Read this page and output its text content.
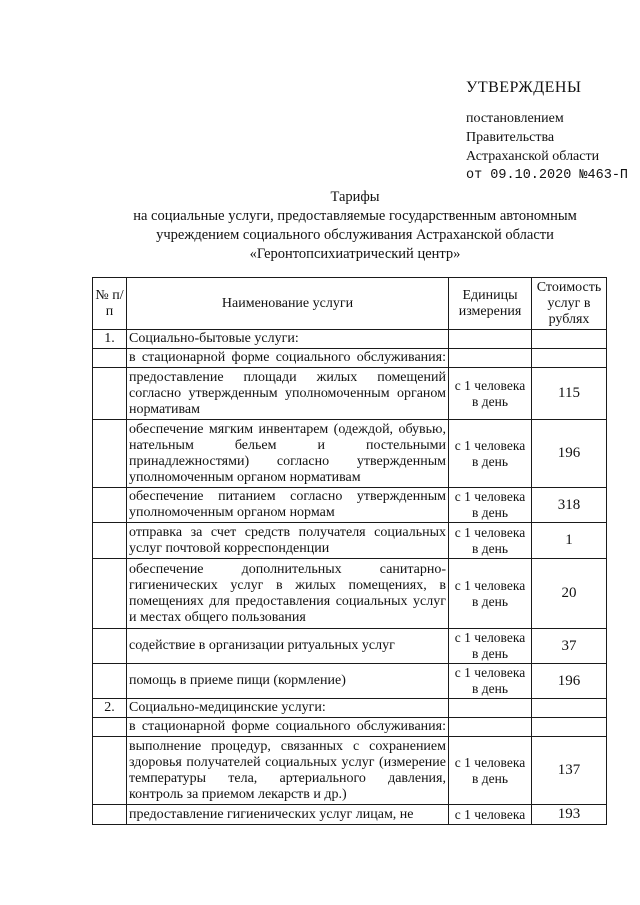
УТВЕРЖДЕНЫ
постановлением
Правительства
Астраханской области
от 09.10.2020 №463-П
Тарифы
на социальные услуги, предоставляемые государственным автономным
учреждением социального обслуживания Астраханской области
«Геронтопсихиатрический центр»
№ п/п	Наименование услуги	Единицы измерения	Стоимость услуг в рублях
1.	Социально-бытовые услуги:		
	в стационарной форме социального обслуживания:		
	предоставление площади жилых помещений согласно утвержденным уполномоченным органом нормативам	с 1 человека в день	115
	обеспечение мягким инвентарем (одеждой, обувью, нательным бельем и постельными принадлежностями) согласно утвержденным уполномоченным органом нормативам	с 1 человека в день	196
	обеспечение питанием согласно утвержденным уполномоченным органом нормам	с 1 человека в день	318
	отправка за счет средств получателя социальных услуг почтовой корреспонденции	с 1 человека в день	1
	обеспечение дополнительных санитарно-гигиенических услуг в жилых помещениях, в помещениях для предоставления социальных услуг и местах общего пользования	с 1 человека в день	20
	содействие в организации ритуальных услуг	с 1 человека в день	37
	помощь в приеме пищи (кормление)	с 1 человека в день	196
2.	Социально-медицинские услуги:		
	в стационарной форме социального обслуживания:		
	выполнение процедур, связанных с сохранением здоровья получателей социальных услуг (измерение температуры тела, артериального давления, контроль за приемом лекарств и др.)	с 1 человека в день	137
	предоставление гигиенических услуг лицам, не	с 1 человека	193
